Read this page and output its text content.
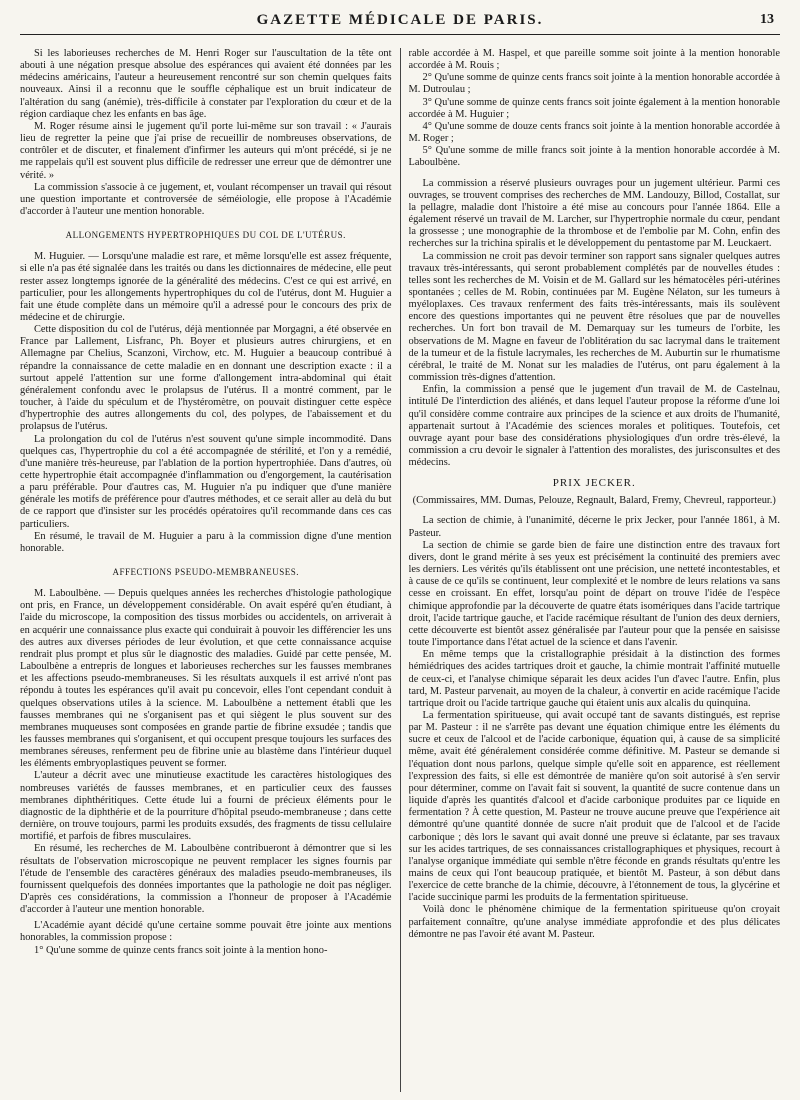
GAZETTE MÉDICALE DE PARIS.	13

Si les laborieuses recherches de M. Henri Roger sur l'auscultation de la tête ont abouti à une négation presque absolue des espérances qui avaient été données par les médecins américains, l'auteur a heureusement rencontré sur son chemin quelques faits nouveaux. Ainsi il a reconnu que le souffle céphalique est un bruit indicateur de l'altération du sang (anémie), très-difficile à constater par l'exploration du cœur et de la région cardiaque chez les enfants en bas âge.

M. Roger résume ainsi le jugement qu'il porte lui-même sur son travail : « J'aurais lieu de regretter la peine que j'ai prise de recueillir de nombreuses observations, de contrôler et de discuter, et finalement d'infirmer les auteurs qui m'ont précédé, si je ne me rappelais qu'il est souvent plus difficile de redresser une erreur que de démontrer une vérité. »

La commission s'associe à ce jugement, et, voulant récompenser un travail qui résout une question importante et controversée de séméiologie, elle propose à l'Académie d'accorder à l'auteur une mention honorable.

ALLONGEMENTS HYPERTROPHIQUES DU COL DE L'UTÉRUS.

M. Huguier. — Lorsqu'une maladie est rare, et même lorsqu'elle est assez fréquente, si elle n'a pas été signalée dans les traités ou dans les dictionnaires de médecine, elle peut rester assez longtemps ignorée de la généralité des médecins. C'est ce qui est arrivé, en particulier, pour les allongements hypertrophiques du col de l'utérus, dont M. Huguier a fait une étude complète dans un mémoire qu'il a adressé pour le concours des prix de médecine et de chirurgie.

Cette disposition du col de l'utérus, déjà mentionnée par Morgagni, a été observée en France par Lallement, Lisfranc, Ph. Boyer et plusieurs autres chirurgiens, et en Allemagne par Chelius, Scanzoni, Virchow, etc. M. Huguier a beaucoup contribué à répandre la connaissance de cette maladie en en donnant une description exacte : il a surtout appelé l'attention sur une forme d'allongement intra-abdominal qui était généralement confondu avec le prolapsus de l'utérus. Il a montré comment, par le toucher, à l'aide du spéculum et de l'hystéromètre, on pouvait distinguer cette espèce d'hypertrophie des autres allongements du col, des polypes, de l'abaissement et du prolapsus de l'utérus.

La prolongation du col de l'utérus n'est souvent qu'une simple incommodité. Dans quelques cas, l'hypertrophie du col a été accompagnée de stérilité, et l'on y a remédié, d'une manière très-heureuse, par l'ablation de la portion hypertrophiée. Dans d'autres, où cette hypertrophie était accompagnée d'inflammation ou d'engorgement, la cautérisation a paru préférable. Pour d'autres cas, M. Huguier n'a pu indiquer que d'une manière générale les motifs de préférence pour d'autres méthodes, et ce serait aller au delà du but de ce rapport que d'insister sur les procédés opératoires qu'il recommande dans ces cas particuliers.

En résumé, le travail de M. Huguier a paru à la commission digne d'une mention honorable.

AFFECTIONS PSEUDO-MEMBRANEUSES.

M. Laboulbène. — Depuis quelques années les recherches d'histologie pathologique ont pris, en France, un développement considérable. On avait espéré qu'en étudiant, à l'aide du microscope, la composition des tissus morbides ou accidentels, on arriverait à en acquérir une connaissance plus exacte qui conduirait à pouvoir les différencier les uns des autres aux diverses périodes de leur évolution, et que cette connaissance acquise rendrait plus prompt et plus sûr le diagnostic des maladies. Guidé par cette pensée, M. Laboulbène a entrepris de longues et laborieuses recherches sur les fausses membranes et les affections pseudo-membraneuses. Si les résultats auxquels il est arrivé n'ont pas répondu à toutes les espérances qu'il avait pu concevoir, elles l'ont cependant conduit à quelques observations utiles à la science. M. Laboulbène a nettement établi que les fausses membranes qui ne s'organisent pas et qui siègent le plus souvent sur des membranes muqueuses sont composées en grande partie de fibrine exsudée ; tandis que les fausses membranes qui s'organisent, et qui occupent presque toujours les surfaces des membranes séreuses, renferment peu de fibrine unie au blastème dans l'intérieur duquel les éléments embryoplastiques peuvent se former.

L'auteur a décrit avec une minutieuse exactitude les caractères histologiques des nombreuses variétés de fausses membranes, et en particulier ceux des fausses membranes diphthéritiques. Cette étude lui a fourni de précieux éléments pour le diagnostic de la diphthérie et de la pourriture d'hôpital pseudo-membraneuse ; dans cette dernière, on trouve toujours, parmi les produits exsudés, des fragments de tissu cellulaire mortifié, et parfois de fibres musculaires.

En résumé, les recherches de M. Laboulbène contribueront à démontrer que si les résultats de l'observation microscopique ne peuvent remplacer les signes fournis par l'étude de l'ensemble des caractères généraux des maladies pseudo-membraneuses, ils fournissent quelquefois des données importantes que la pathologie ne doit pas négliger. D'après ces considérations, la commission a l'honneur de proposer à l'Académie d'accorder à l'auteur une mention honorable.

L'Académie ayant décidé qu'une certaine somme pouvait être jointe aux mentions honorables, la commission propose :

1° Qu'une somme de quinze cents francs soit jointe à la mention hono-

rable accordée à M. Haspel, et que pareille somme soit jointe à la mention honorable accordée à M. Rouis ;

2° Qu'une somme de quinze cents francs soit jointe à la mention honorable accordée à M. Dutroulau ;

3° Qu'une somme de quinze cents francs soit jointe également à la mention honorable accordée à M. Huguier ;

4° Qu'une somme de douze cents francs soit jointe à la mention honorable accordée à M. Roger ;

5° Qu'une somme de mille francs soit jointe à la mention honorable accordée à M. Laboulbène.

La commission a réservé plusieurs ouvrages pour un jugement ultérieur. Parmi ces ouvrages, se trouvent comprises des recherches de MM. Landouzy, Billod, Costallat, sur la pellagre, maladie dont l'histoire a été mise au concours pour l'année 1864. Elle a également réservé un travail de M. Larcher, sur l'hypertrophie normale du cœur, pendant la grossesse ; une monographie de la thrombose et de l'embolie par M. Cohn, enfin des recherches sur la trichina spiralis et le développement du pentastome par M. Leuckaert.

La commission ne croit pas devoir terminer son rapport sans signaler quelques autres travaux très-intéressants, qui seront probablement complétés par de nouvelles études : telles sont les recherches de M. Voisin et de M. Gallard sur les hématocèles péri-utérines spontanées ; celles de M. Robin, continuées par M. Eugène Nélaton, sur les tumeurs à myéloplaxes. Ces travaux renferment des faits très-intéressants, mais ils soulèvent encore des questions importantes qui ne peuvent être résolues que par de nouvelles recherches. Un fort bon travail de M. Demarquay sur les tumeurs de l'orbite, les observations de M. Magne en faveur de l'oblitération du sac lacrymal dans le traitement de la tumeur et de la fistule lacrymales, les recherches de M. Auburtin sur le rhumatisme cérébral, le traité de M. Nonat sur les maladies de l'utérus, ont paru également à la commission très-dignes d'attention.

Enfin, la commission a pensé que le jugement d'un travail de M. de Castelnau, intitulé De l'interdiction des aliénés, et dans lequel l'auteur propose la réforme d'une loi qu'il considère comme contraire aux principes de la science et aux droits de l'humanité, appartenait surtout à l'Académie des sciences morales et politiques. Toutefois, cet ouvrage ayant pour base des considérations physiologiques d'un ordre très-élevé, la commission a cru devoir le signaler à l'attention des moralistes, des jurisconsultes et des médecins.

PRIX JECKER.
(Commissaires, MM. Dumas, Pelouze, Regnault, Balard, Fremy, Chevreul, rapporteur.)

La section de chimie, à l'unanimité, décerne le prix Jecker, pour l'année 1861, à M. Pasteur.

La section de chimie se garde bien de faire une distinction entre des travaux fort divers, dont le grand mérite à ses yeux est précisément la continuité des premiers avec les derniers. Les vérités qu'ils établissent ont une précision, une netteté incontestables, et à cause de ce qu'ils se continuent, leur complexité et le nombre de leurs relations va sans cesse en croissant. En effet, lorsqu'au point de départ on trouve l'idée de l'espèce chimique approfondie par la découverte de quatre états isomériques dans l'acide tartrique droit, l'acide tartrique gauche, et l'acide racémique résultant de l'union des deux derniers, cette découverte est bientôt assez généralisée par l'auteur pour que la pensée en saisisse toute l'importance dans l'état actuel de la science et dans l'avenir.

En même temps que la cristallographie présidait à la distinction des formes hémiédriques des acides tartriques droit et gauche, la chimie montrait l'affinité mutuelle de ceux-ci, et l'analyse chimique séparait les deux acides l'un d'avec l'autre. Enfin, plus tard, M. Pasteur parvenait, au moyen de la chaleur, à convertir en acide racémique l'acide tartrique droit ou l'acide tartrique gauche qui étaient unis aux alcalis du quinquina.

La fermentation spiritueuse, qui avait occupé tant de savants distingués, est reprise par M. Pasteur : il ne s'arrête pas devant une équation chimique entre les éléments du sucre et ceux de l'alcool et de l'acide carbonique, équation qui, à cause de sa simplicité même, avait été généralement considérée comme définitive. M. Pasteur se demande si l'équation dont nous parlons, quelque simple qu'elle soit en apparence, est réellement l'expression des faits, si elle est démontrée de manière qu'on soit autorisé à s'en servir pour déterminer, comme on l'avait fait si souvent, la quantité de sucre contenue dans un liquide d'après les quantités d'alcool et d'acide carbonique produites par ce liquide en fermentation ? À cette question, M. Pasteur ne trouve aucune preuve que l'expérience ait démontré qu'une quantité donnée de sucre n'ait produit que de l'alcool et de l'acide carbonique ; dès lors le savant qui avait donné une preuve si éclatante, par ses travaux sur les acides tartriques, de ses connaissances cristallographiques et physiques, recourt à l'analyse organique immédiate qui semble n'être féconde en grands résultats qu'entre les mains de ceux qui l'ont beaucoup pratiquée, et bientôt M. Pasteur, à son début dans l'exercice de cette branche de la chimie, découvre, à l'étonnement de tous, la glycérine et l'acide succinique parmi les produits de la fermentation spiritueuse.

Voilà donc le phénomène chimique de la fermentation spiritueuse qu'on croyait parfaitement connaître, qu'une analyse immédiate approfondie et des plus délicates démontre ne pas l'avoir été avant M. Pasteur.
